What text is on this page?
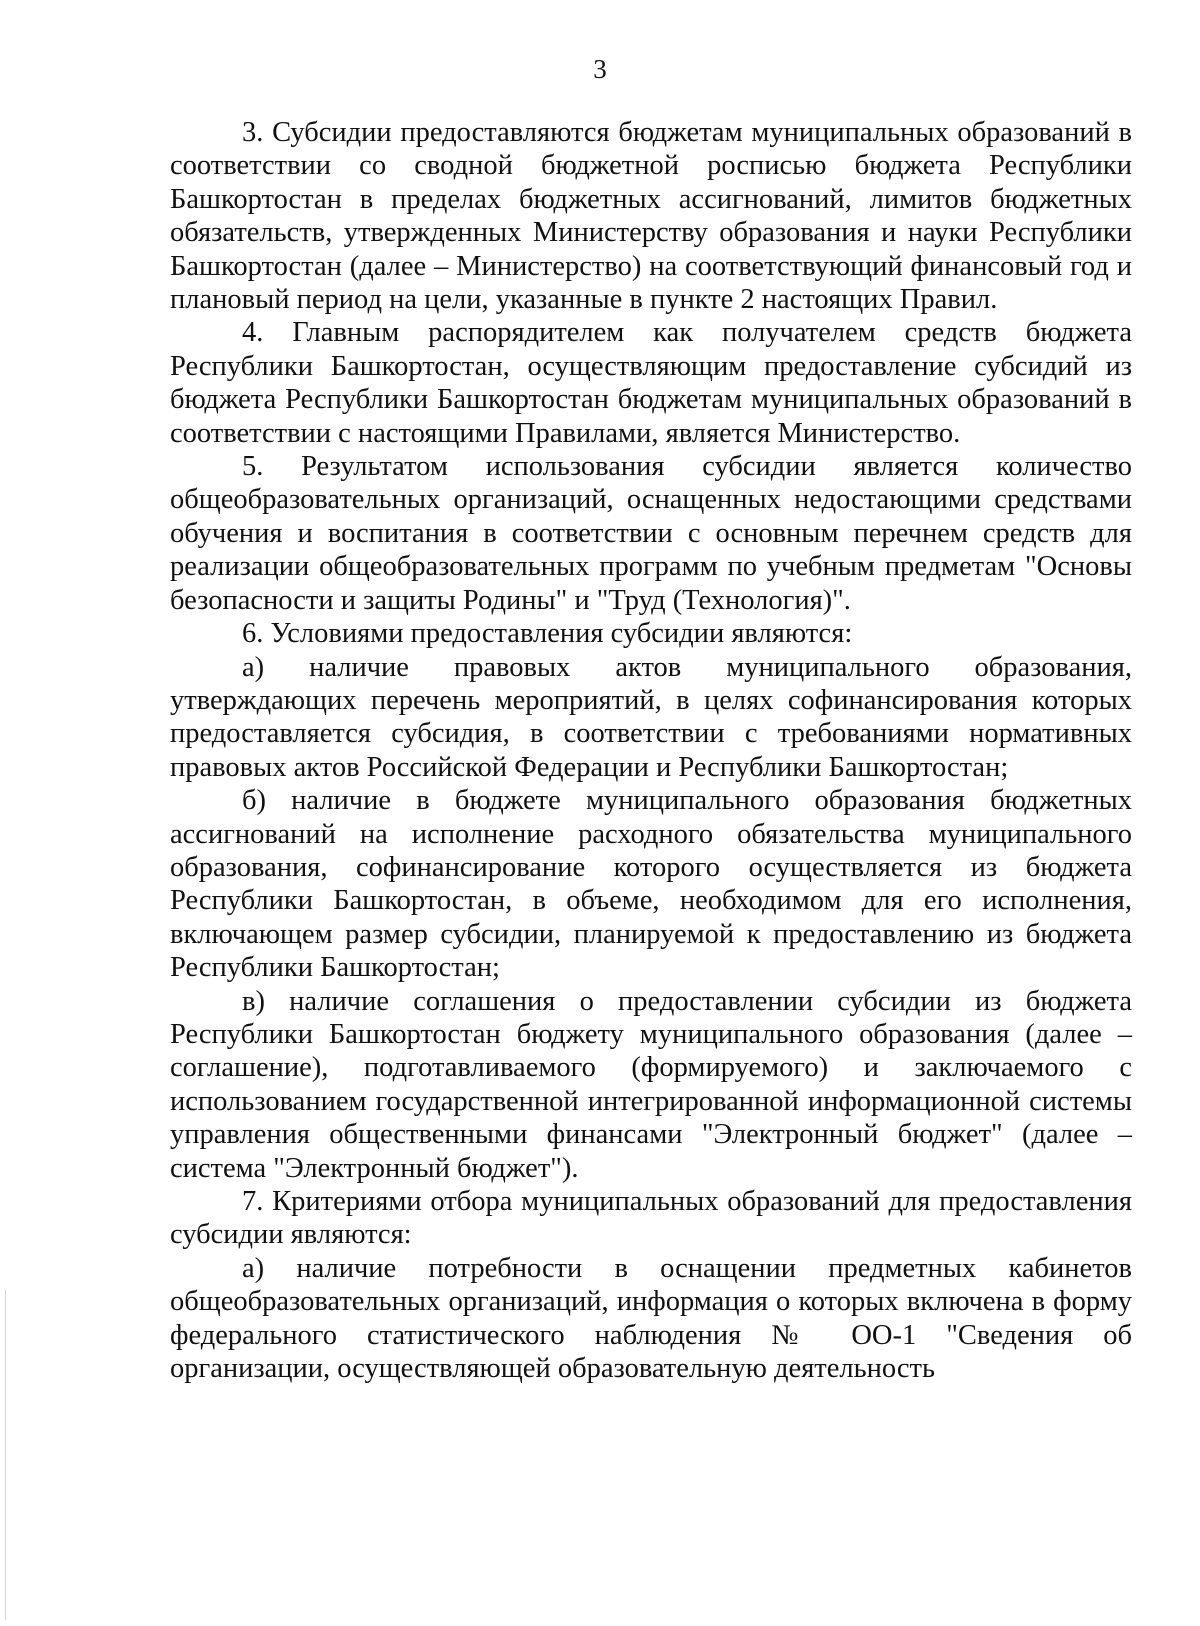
3

3. Субсидии предоставляются бюджетам муниципальных образований в соответствии со сводной бюджетной росписью бюджета Республики Башкортостан в пределах бюджетных ассигнований, лимитов бюджетных обязательств, утвержденных Министерству образования и науки Республики Башкортостан (далее – Министерство) на соответствующий финансовый год и плановый период на цели, указанные в пункте 2 настоящих Правил.

4. Главным распорядителем как получателем средств бюджета Республики Башкортостан, осуществляющим предоставление субсидий из бюджета Республики Башкортостан бюджетам муниципальных образований в соответствии с настоящими Правилами, является Министерство.

5. Результатом использования субсидии является количество общеобразовательных организаций, оснащенных недостающими средствами обучения и воспитания в соответствии с основным перечнем средств для реализации общеобразовательных программ по учебным предметам "Основы безопасности и защиты Родины" и "Труд (Технология)".

6. Условиями предоставления субсидии являются:

а) наличие правовых актов муниципального образования, утверждающих перечень мероприятий, в целях софинансирования которых предоставляется субсидия, в соответствии с требованиями нормативных правовых актов Российской Федерации и Республики Башкортостан;

б) наличие в бюджете муниципального образования бюджетных ассигнований на исполнение расходного обязательства муниципального образования, софинансирование которого осуществляется из бюджета Республики Башкортостан, в объеме, необходимом для его исполнения, включающем размер субсидии, планируемой к предоставлению из бюджета Республики Башкортостан;

в) наличие соглашения о предоставлении субсидии из бюджета Республики Башкортостан бюджету муниципального образования (далее – соглашение), подготавливаемого (формируемого) и заключаемого с использованием государственной интегрированной информационной системы управления общественными финансами "Электронный бюджет" (далее – система "Электронный бюджет").

7. Критериями отбора муниципальных образований для предоставления субсидии являются:

а) наличие потребности в оснащении предметных кабинетов общеобразовательных организаций, информация о которых включена в форму федерального статистического наблюдения № ОО-1 "Сведения об организации, осуществляющей образовательную деятельность
